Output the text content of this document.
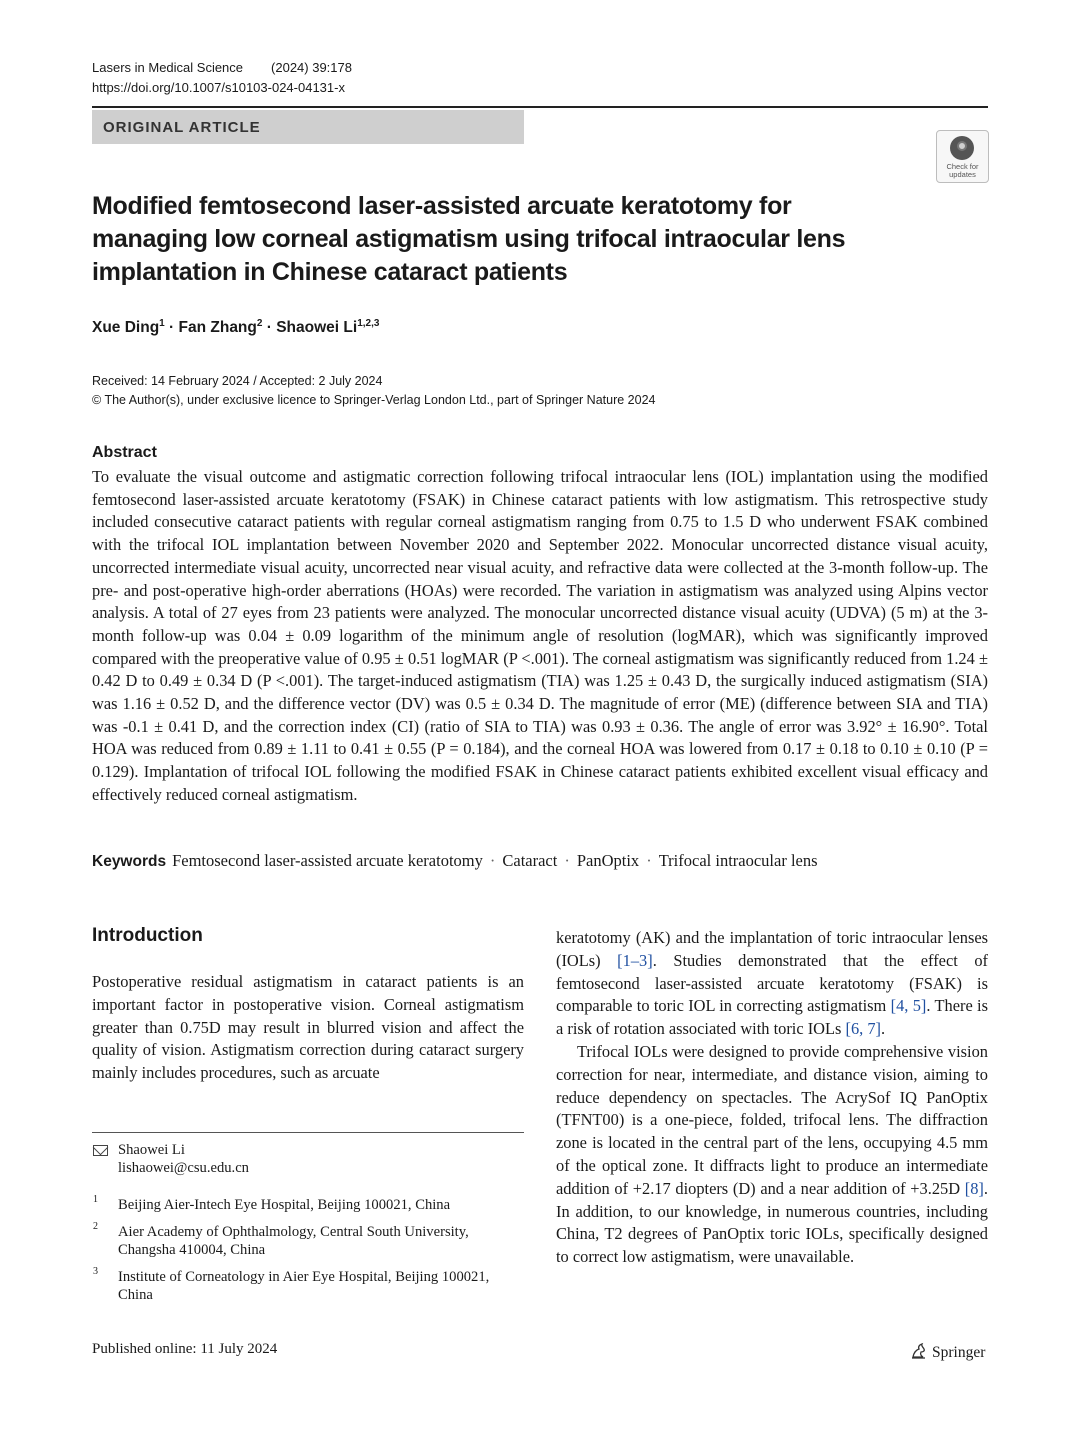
Lasers in Medical Science (2024) 39:178
https://doi.org/10.1007/s10103-024-04131-x
ORIGINAL ARTICLE
Check for updates
Modified femtosecond laser-assisted arcuate keratotomy for
managing low corneal astigmatism using trifocal intraocular lens
implantation in Chinese cataract patients
Xue Ding$^1$ · Fan Zhang$^2$ · Shaowei Li$^{1,2,3}$
Received: 14 February 2024 / Accepted: 2 July 2024
© The Author(s), under exclusive licence to Springer-Verlag London Ltd., part of Springer Nature 2024
Abstract
To evaluate the visual outcome and astigmatic correction following trifocal intraocular lens (IOL) implantation using the modified femtosecond laser-assisted arcuate keratotomy (FSAK) in Chinese cataract patients with low astigmatism. This retrospective study included consecutive cataract patients with regular corneal astigmatism ranging from 0.75 to 1.5 D who underwent FSAK combined with the trifocal IOL implantation between November 2020 and September 2022. Monocular uncorrected distance visual acuity, uncorrected intermediate visual acuity, uncorrected near visual acuity, and refractive data were collected at the 3-month follow-up. The pre- and post-operative high-order aberrations (HOAs) were recorded. The variation in astigmatism was analyzed using Alpins vector analysis. A total of 27 eyes from 23 patients were analyzed. The monocular uncorrected distance visual acuity (UDVA) (5 m) at the 3-month follow-up was 0.04 ± 0.09 logarithm of the minimum angle of resolution (logMAR), which was significantly improved compared with the preoperative value of 0.95 ± 0.51 logMAR (P <.001). The corneal astigmatism was significantly reduced from 1.24 ± 0.42 D to 0.49 ± 0.34 D (P <.001). The target-induced astigmatism (TIA) was 1.25 ± 0.43 D, the surgically induced astigmatism (SIA) was 1.16 ± 0.52 D, and the difference vector (DV) was 0.5 ± 0.34 D. The magnitude of error (ME) (difference between SIA and TIA) was -0.1 ± 0.41 D, and the correction index (CI) (ratio of SIA to TIA) was 0.93 ± 0.36. The angle of error was 3.92° ± 16.90°. Total HOA was reduced from 0.89 ± 1.11 to 0.41 ± 0.55 (P = 0.184), and the corneal HOA was lowered from 0.17 ± 0.18 to 0.10 ± 0.10 (P = 0.129). Implantation of trifocal IOL following the modified FSAK in Chinese cataract patients exhibited excellent visual efficacy and effectively reduced corneal astigmatism.
Keywords Femtosecond laser-assisted arcuate keratotomy · Cataract · PanOptix · Trifocal intraocular lens
Introduction

Postoperative residual astigmatism in cataract patients is an important factor in postoperative vision. Corneal astigmatism greater than 0.75D may result in blurred vision and affect the quality of vision. Astigmatism correction during cataract surgery mainly includes procedures, such as arcuate

keratotomy (AK) and the implantation of toric intraocular lenses (IOLs) [1–3]. Studies demonstrated that the effect of femtosecond laser-assisted arcuate keratotomy (FSAK) is comparable to toric IOL in correcting astigmatism [4, 5]. There is a risk of rotation associated with toric IOLs [6, 7].

Trifocal IOLs were designed to provide comprehensive vision correction for near, intermediate, and distance vision, aiming to reduce dependency on spectacles. The AcrySof IQ PanOptix (TFNT00) is a one-piece, folded, trifocal lens. The diffraction zone is located in the central part of the lens, occupying 4.5 mm of the optical zone. It diffracts light to produce an intermediate addition of +2.17 diopters (D) and a near addition of +3.25D [8]. In addition, to our knowledge, in numerous countries, including China, T2 degrees of PanOptix toric IOLs, specifically designed to correct low astigmatism, were unavailable.

Shaowei Li
lishaowei@csu.edu.cn
1 Beijing Aier-Intech Eye Hospital, Beijing 100021, China
2 Aier Academy of Ophthalmology, Central South University, Changsha 410004, China
3 Institute of Corneatology in Aier Eye Hospital, Beijing 100021, China
Published online: 11 July 2024	Springer
